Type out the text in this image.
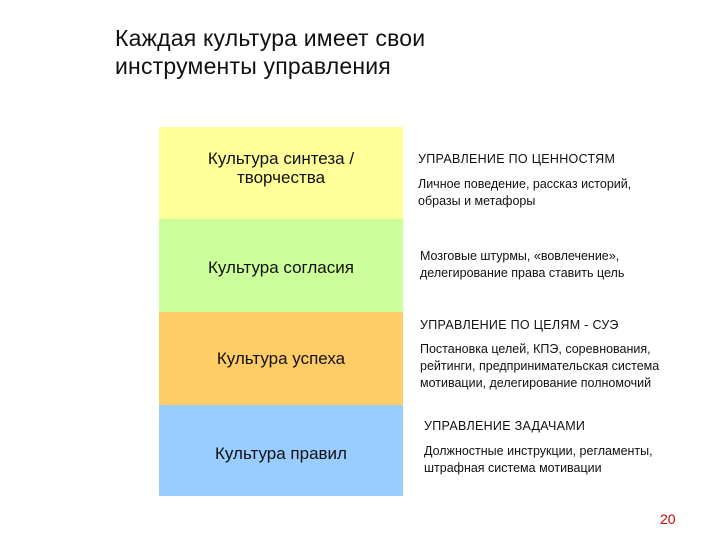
Каждая культура имеет свои
инструменты управления
Культура синтеза /
творчества
Культура согласия
Культура успеха
Культура правил
УПРАВЛЕНИЕ ПО ЦЕННОСТЯМ
Личное поведение, рассказ историй,
образы и метафоры
Мозговые штурмы, «вовлечение»,
делегирование права ставить цель
УПРАВЛЕНИЕ ПО ЦЕЛЯМ - СУЭ
Постановка целей, КПЭ, соревнования,
рейтинги, предпринимательская система
мотивации, делегирование полномочий
УПРАВЛЕНИЕ ЗАДАЧАМИ
Должностные инструкции, регламенты,
штрафная система мотивации
20
